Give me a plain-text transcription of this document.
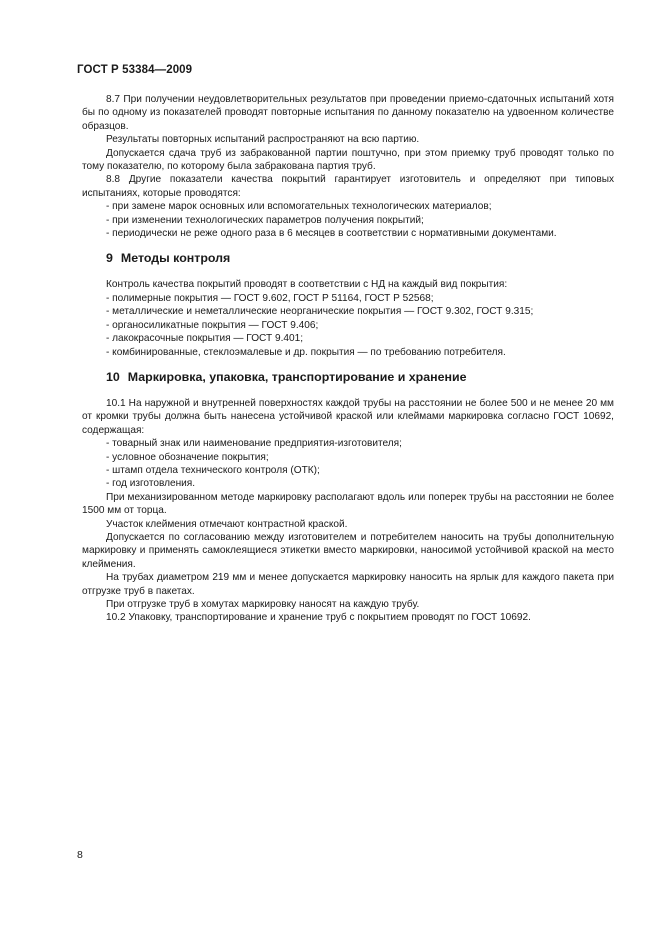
ГОСТ Р 53384—2009

8.7 При получении неудовлетворительных результатов при проведении приемо-сдаточных испытаний хотя бы по одному из показателей проводят повторные испытания по данному показателю на удвоенном количестве образцов.

Результаты повторных испытаний распространяют на всю партию.

Допускается сдача труб из забракованной партии поштучно, при этом приемку труб проводят только по тому показателю, по которому была забракована партия труб.

8.8 Другие показатели качества покрытий гарантирует изготовитель и определяют при типовых испытаниях, которые проводятся:

- при замене марок основных или вспомогательных технологических материалов;

- при изменении технологических параметров получения покрытий;

- периодически не реже одного раза в 6 месяцев в соответствии с нормативными документами.

9 Методы контроля

Контроль качества покрытий проводят в соответствии с НД на каждый вид покрытия:

- полимерные покрытия — ГОСТ 9.602, ГОСТ Р 51164, ГОСТ Р 52568;

- металлические и неметаллические неорганические покрытия — ГОСТ 9.302, ГОСТ 9.315;

- органосиликатные покрытия — ГОСТ 9.406;

- лакокрасочные покрытия — ГОСТ 9.401;

- комбинированные, стеклоэмалевые и др. покрытия — по требованию потребителя.

10 Маркировка, упаковка, транспортирование и хранение

10.1 На наружной и внутренней поверхностях каждой трубы на расстоянии не более 500 и не менее 20 мм от кромки трубы должна быть нанесена устойчивой краской или клеймами маркировка согласно ГОСТ 10692, содержащая:

- товарный знак или наименование предприятия-изготовителя;

- условное обозначение покрытия;

- штамп отдела технического контроля (ОТК);

- год изготовления.

При механизированном методе маркировку располагают вдоль или поперек трубы на расстоянии не более 1500 мм от торца.

Участок клеймения отмечают контрастной краской.

Допускается по согласованию между изготовителем и потребителем наносить на трубы дополнительную маркировку и применять самоклеящиеся этикетки вместо маркировки, наносимой устойчивой краской на место клеймения.

На трубах диаметром 219 мм и менее допускается маркировку наносить на ярлык для каждого пакета при отгрузке труб в пакетах.

При отгрузке труб в хомутах маркировку наносят на каждую трубу.

10.2 Упаковку, транспортирование и хранение труб с покрытием проводят по ГОСТ 10692.

8
